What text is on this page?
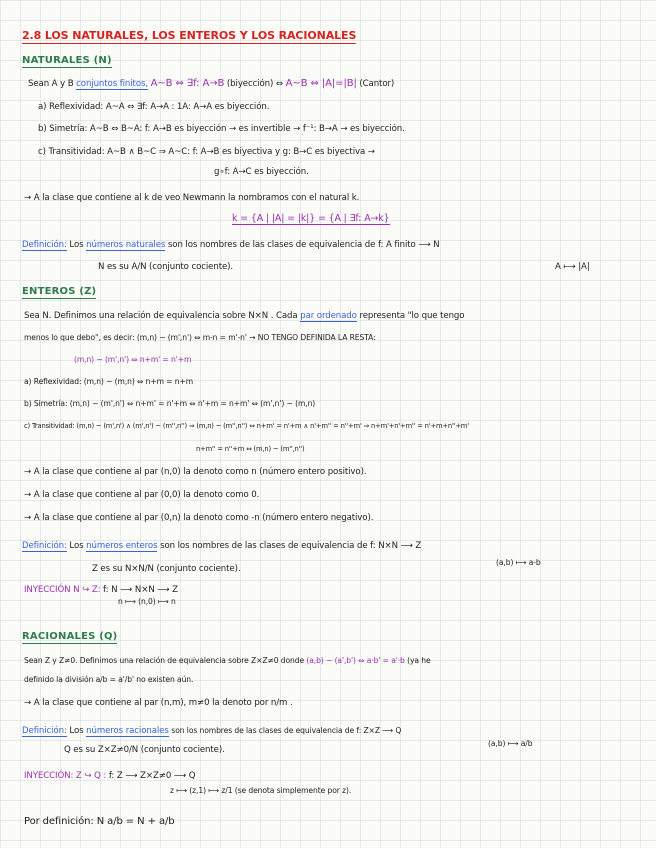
2.8 LOS NATURALES, LOS ENTEROS Y LOS RACIONALES
NATURALES (N)
Sean A y B conjuntos finitos, A~B ⇔ ∃f: A→B (biyección) ⇔ A~B ⇔ |A|=|B| (Cantor)
a) Reflexividad: A~A ⇔ ∃f: A→A : 1A: A→A es biyección.
b) Simetría: A~B ⇔ B~A: f: A→B es biyección → es invertible → f⁻¹: B→A → es biyección.
c) Transitividad: A~B ∧ B~C ⇒ A~C: f: A→B es biyectiva y g: B→C es biyectiva →
g∘f: A→C es biyección.
→ A la clase que contiene al k de veo Newmann la nombramos con el natural k.
k = {A | |A| = |k|} = {A | ∃f: A→k}
Definición: Los números naturales son los nombres de las clases de equivalencia de f: A finito ⟶ N
N es su A/N (conjunto cociente).	A ⟼ |A|
ENTEROS (Z)
Sea N. Definimos una relación de equivalencia sobre N×N . Cada par ordenado representa "lo que tengo
menos lo que debo", es decir: (m,n) ~ (m',n') ⇔ m-n = m'-n' → NO TENGO DEFINIDA LA RESTA:
(m,n) ~ (m',n') ⇔ n+m' = n'+m
a) Reflexividad: (m,n) ~ (m,n) ⇔ n+m = n+m
b) Simetría: (m,n) ~ (m',n') ⇔ n+m' = n'+m ⇔ n'+m = n+m' ⇔ (m',n') ~ (m,n)
c) Transitividad: (m,n) ~ (m',n') ∧ (m',n') ~ (m'',n'') ⇒ (m,n) ~ (m'',n'') ⇔ n+m' = n'+m ∧ n'+m'' = n''+m' ⇒ n+m'+n'+m'' = n'+m+n''+m'
n+m'' = n''+m ⇔ (m,n) ~ (m'',n'')
→ A la clase que contiene al par (n,0) la denoto como n (número entero positivo).
→ A la clase que contiene al par (0,0) la denoto como 0.
→ A la clase que contiene al par (0,n) la denoto como -n (número entero negativo).
Definición: Los números enteros son los nombres de las clases de equivalencia de f: N×N ⟶ Z
(a,b) ⟼ a-b
Z es su N×N/N (conjunto cociente).
INYECCIÓN N ↪ Z: f: N ⟶ N×N ⟶ Z
n ⟼ (n,0) ⟼ n
RACIONALES (Q)
Sean Z y Z≠0. Definimos una relación de equivalencia sobre Z×Z≠0 donde (a,b) ~ (a',b') ⇔ a·b' = a'·b (ya he
definido la división a/b = a'/b' no existen aún.
→ A la clase que contiene al par (n,m), m≠0 la denoto por n/m .
Definición: Los números racionales son los nombres de las clases de equivalencia de f: Z×Z ⟶ Q
(a,b) ⟼ a/b
Q es su Z×Z≠0/N (conjunto cociente).
INYECCIÓN: Z ↪ Q : f: Z ⟶ Z×Z≠0 ⟶ Q
z ⟼ (z,1) ⟼ z/1 (se denota simplemente por z).
Por definición: N a/b = N + a/b
